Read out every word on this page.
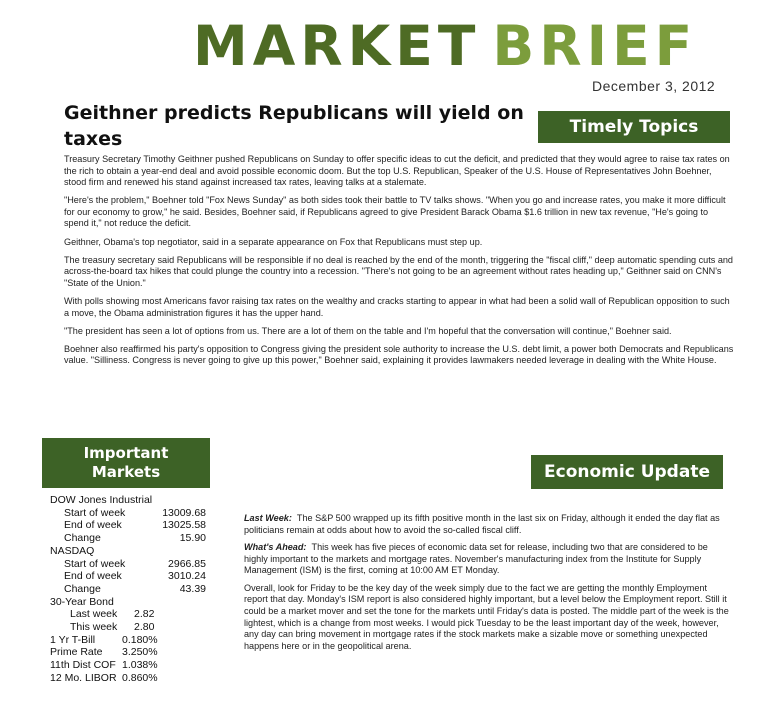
MARKET BRIEF
December 3, 2012
Geithner predicts Republicans will yield on taxes
Timely Topics

Treasury Secretary Timothy Geithner pushed Republicans on Sunday to offer specific ideas to cut the deficit, and predicted that they would agree to raise tax rates on the rich to obtain a year-end deal and avoid possible economic doom. But the top U.S. Republican, Speaker of the U.S. House of Representatives John Boehner, stood firm and renewed his stand against increased tax rates, leaving talks at a stalemate.

"Here's the problem," Boehner told "Fox News Sunday" as both sides took their battle to TV talks shows. "When you go and increase rates, you make it more difficult for our economy to grow," he said. Besides, Boehner said, if Republicans agreed to give President Barack Obama $1.6 trillion in new tax revenue, "He's going to spend it," not reduce the deficit.

Geithner, Obama's top negotiator, said in a separate appearance on Fox that Republicans must step up.

The treasury secretary said Republicans will be responsible if no deal is reached by the end of the month, triggering the "fiscal cliff," deep automatic spending cuts and across-the-board tax hikes that could plunge the country into a recession. "There's not going to be an agreement without rates heading up," Geithner said on CNN's "State of the Union."

With polls showing most Americans favor raising tax rates on the wealthy and cracks starting to appear in what had been a solid wall of Republican opposition to such a move, the Obama administration figures it has the upper hand.

"The president has seen a lot of options from us. There are a lot of them on the table and I'm hopeful that the conversation will continue," Boehner said.

Boehner also reaffirmed his party's opposition to Congress giving the president sole authority to increase the U.S. debt limit, a power both Democrats and Republicans value. "Silliness. Congress is never going to give up this power," Boehner said, explaining it provides lawmakers needed leverage in dealing with the White House.

Important
Markets
DOW Jones Industrial
Start of week	13009.68
End of week	13025.58
Change	15.90
NASDAQ
Start of week	2966.85
End of week	3010.24
Change	43.39
30-Year Bond
Last week	2.82
This week	2.80
1 Yr T-Bill	0.180%
Prime Rate	3.250%
11th Dist COF 1.038%
12 Mo. LIBOR 0.860%
Economic Update

Last Week: The S&P 500 wrapped up its fifth positive month in the last six on Friday, although it ended the day flat as politicians remain at odds about how to avoid the so-called fiscal cliff.

What's Ahead: This week has five pieces of economic data set for release, including two that are considered to be highly important to the markets and mortgage rates. November's manufacturing index from the Institute for Supply Management (ISM) is the first, coming at 10:00 AM ET Monday.

Overall, look for Friday to be the key day of the week simply due to the fact we are getting the monthly Employment report that day. Monday's ISM report is also considered highly important, but a level below the Employment report. Still it could be a market mover and set the tone for the markets until Friday's data is posted. The middle part of the week is the lightest, which is a change from most weeks. I would pick Tuesday to be the least important day of the week, however, any day can bring movement in mortgage rates if the stock markets make a sizable move or something unexpected happens here or in the geopolitical arena.
